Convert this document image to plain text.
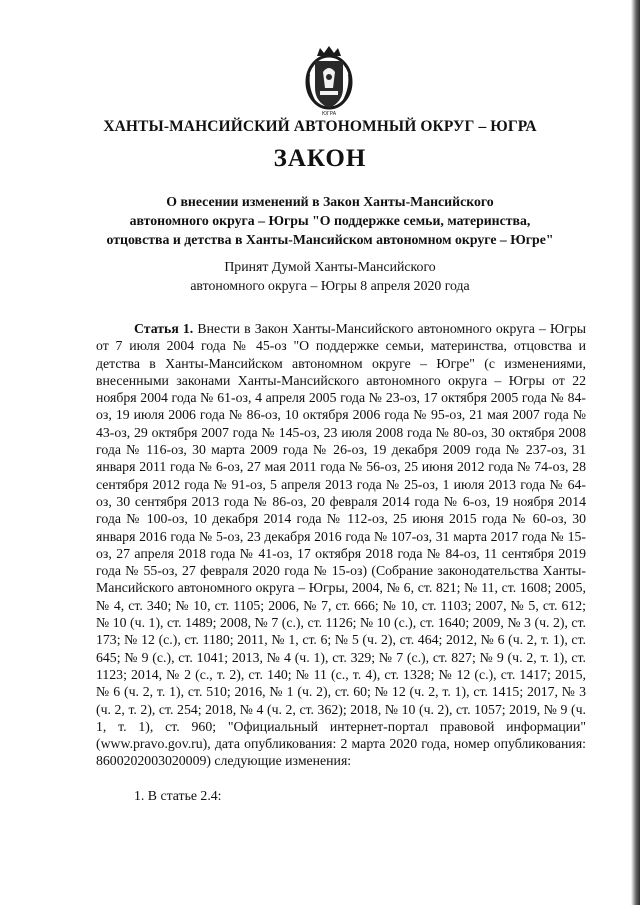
ЮГРА
ХАНТЫ-МАНСИЙСКИЙ АВТОНОМНЫЙ ОКРУГ – ЮГРА
ЗАКОН
О внесении изменений в Закон Ханты-Мансийского
автономного округа – Югры "О поддержке семьи, материнства,
отцовства и детства в Ханты-Мансийском автономном округе – Югре"
Принят Думой Ханты-Мансийского
автономного округа – Югры 8 апреля 2020 года

Статья 1. Внести в Закон Ханты-Мансийского автономного округа – Югры от 7 июля 2004 года № 45-оз "О поддержке семьи, материнства, отцовства и детства в Ханты-Мансийском автономном округе – Югре" (с изменениями, внесенными законами Ханты-Мансийского автономного округа – Югры от 22 ноября 2004 года № 61-оз, 4 апреля 2005 года № 23-оз, 17 октября 2005 года № 84-оз, 19 июля 2006 года № 86-оз, 10 октября 2006 года № 95-оз, 21 мая 2007 года № 43-оз, 29 октября 2007 года № 145-оз, 23 июля 2008 года № 80-оз, 30 октября 2008 года № 116-оз, 30 марта 2009 года № 26-оз, 19 декабря 2009 года № 237-оз, 31 января 2011 года № 6-оз, 27 мая 2011 года № 56-оз, 25 июня 2012 года № 74-оз, 28 сентября 2012 года № 91-оз, 5 апреля 2013 года № 25-оз, 1 июля 2013 года № 64-оз, 30 сентября 2013 года № 86-оз, 20 февраля 2014 года № 6-оз, 19 ноября 2014 года № 100-оз, 10 декабря 2014 года № 112-оз, 25 июня 2015 года № 60-оз, 30 января 2016 года № 5-оз, 23 декабря 2016 года № 107-оз, 31 марта 2017 года № 15-оз, 27 апреля 2018 года № 41-оз, 17 октября 2018 года № 84-оз, 11 сентября 2019 года № 55-оз, 27 февраля 2020 года № 15-оз) (Собрание законодательства Ханты-Мансийского автономного округа – Югры, 2004, № 6, ст. 821; № 11, ст. 1608; 2005, № 4, ст. 340; № 10, ст. 1105; 2006, № 7, ст. 666; № 10, ст. 1103; 2007, № 5, ст. 612; № 10 (ч. 1), ст. 1489; 2008, № 7 (с.), ст. 1126; № 10 (с.), ст. 1640; 2009, № 3 (ч. 2), ст. 173; № 12 (с.), ст. 1180; 2011, № 1, ст. 6; № 5 (ч. 2), ст. 464; 2012, № 6 (ч. 2, т. 1), ст. 645; № 9 (с.), ст. 1041; 2013, № 4 (ч. 1), ст. 329; № 7 (с.), ст. 827; № 9 (ч. 2, т. 1), ст. 1123; 2014, № 2 (с., т. 2), ст. 140; № 11 (с., т. 4), ст. 1328; № 12 (с.), ст. 1417; 2015, № 6 (ч. 2, т. 1), ст. 510; 2016, № 1 (ч. 2), ст. 60; № 12 (ч. 2, т. 1), ст. 1415; 2017, № 3 (ч. 2, т. 2), ст. 254; 2018, № 4 (ч. 2, ст. 362); 2018, № 10 (ч. 2), ст. 1057; 2019, № 9 (ч. 1, т. 1), ст. 960; "Официальный интернет-портал правовой информации" (www.pravo.gov.ru), дата опубликования: 2 марта 2020 года, номер опубликования: 8600202003020009) следующие изменения:

1. В статье 2.4:
